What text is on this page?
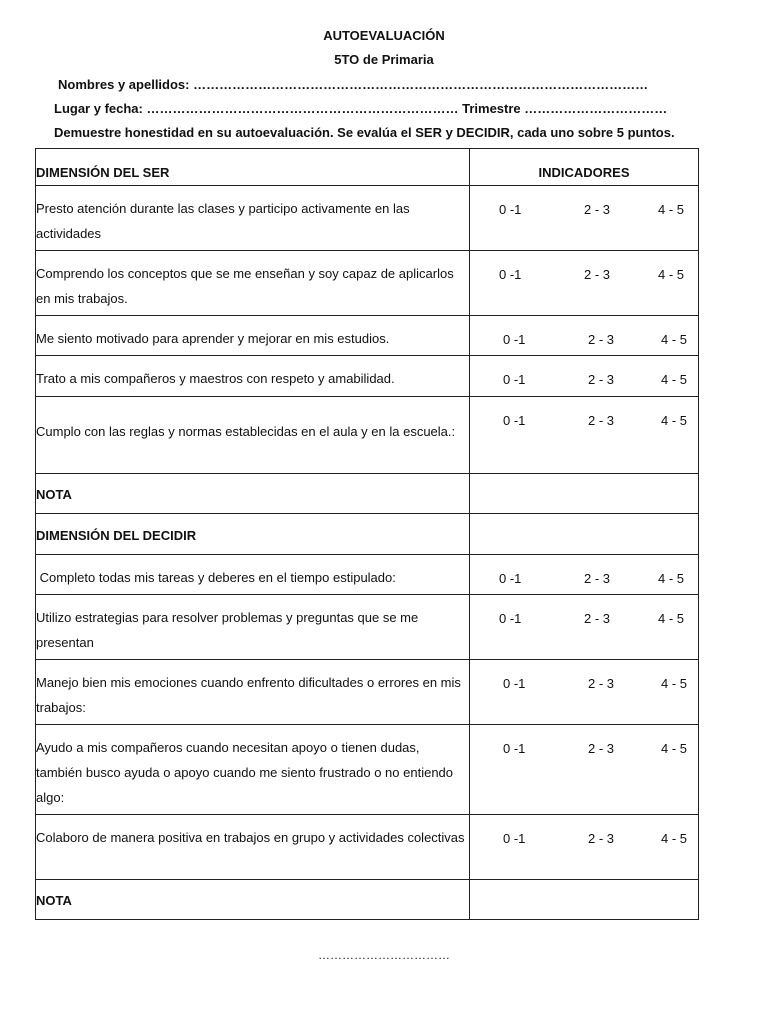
AUTOEVALUACIÓN
5TO de Primaria
Nombres y apellidos: ……………………………………………………………………………………………
Lugar y fecha: ……………………………………………………………… Trimestre ……………………………
Demuestre honestidad en su autoevaluación. Se evalúa el SER y DECIDIR, cada uno sobre 5 puntos.
DIMENSIÓN DEL SER	INDICADORES

Presto atención durante las clases y participo activamente en las actividades	0 -1 2 - 3 4 - 5

Comprendo los conceptos que se me enseñan y soy capaz de aplicarlos en mis trabajos.	0 -1 2 - 3 4 - 5

Me siento motivado para aprender y mejorar en mis estudios.	0 -1 2 - 3 4 - 5

Trato a mis compañeros y maestros con respeto y amabilidad.	0 -1 2 - 3 4 - 5

Cumplo con las reglas y normas establecidas en el aula y en la escuela.:	0 -1 2 - 3 4 - 5

NOTA	

DIMENSIÓN DEL DECIDIR	

Completo todas mis tareas y deberes en el tiempo estipulado:	0 -1 2 - 3 4 - 5

Utilizo estrategias para resolver problemas y preguntas que se me presentan	0 -1 2 - 3 4 - 5

Manejo bien mis emociones cuando enfrento dificultades o errores en mis trabajos:	0 -1 2 - 3 4 - 5

Ayudo a mis compañeros cuando necesitan apoyo o tienen dudas, también busco ayuda o apoyo cuando me siento frustrado o no entiendo algo:	0 -1 2 - 3 4 - 5

Colaboro de manera positiva en trabajos en grupo y actividades colectivas	0 -1 2 - 3 4 - 5

NOTA	

……………………………
